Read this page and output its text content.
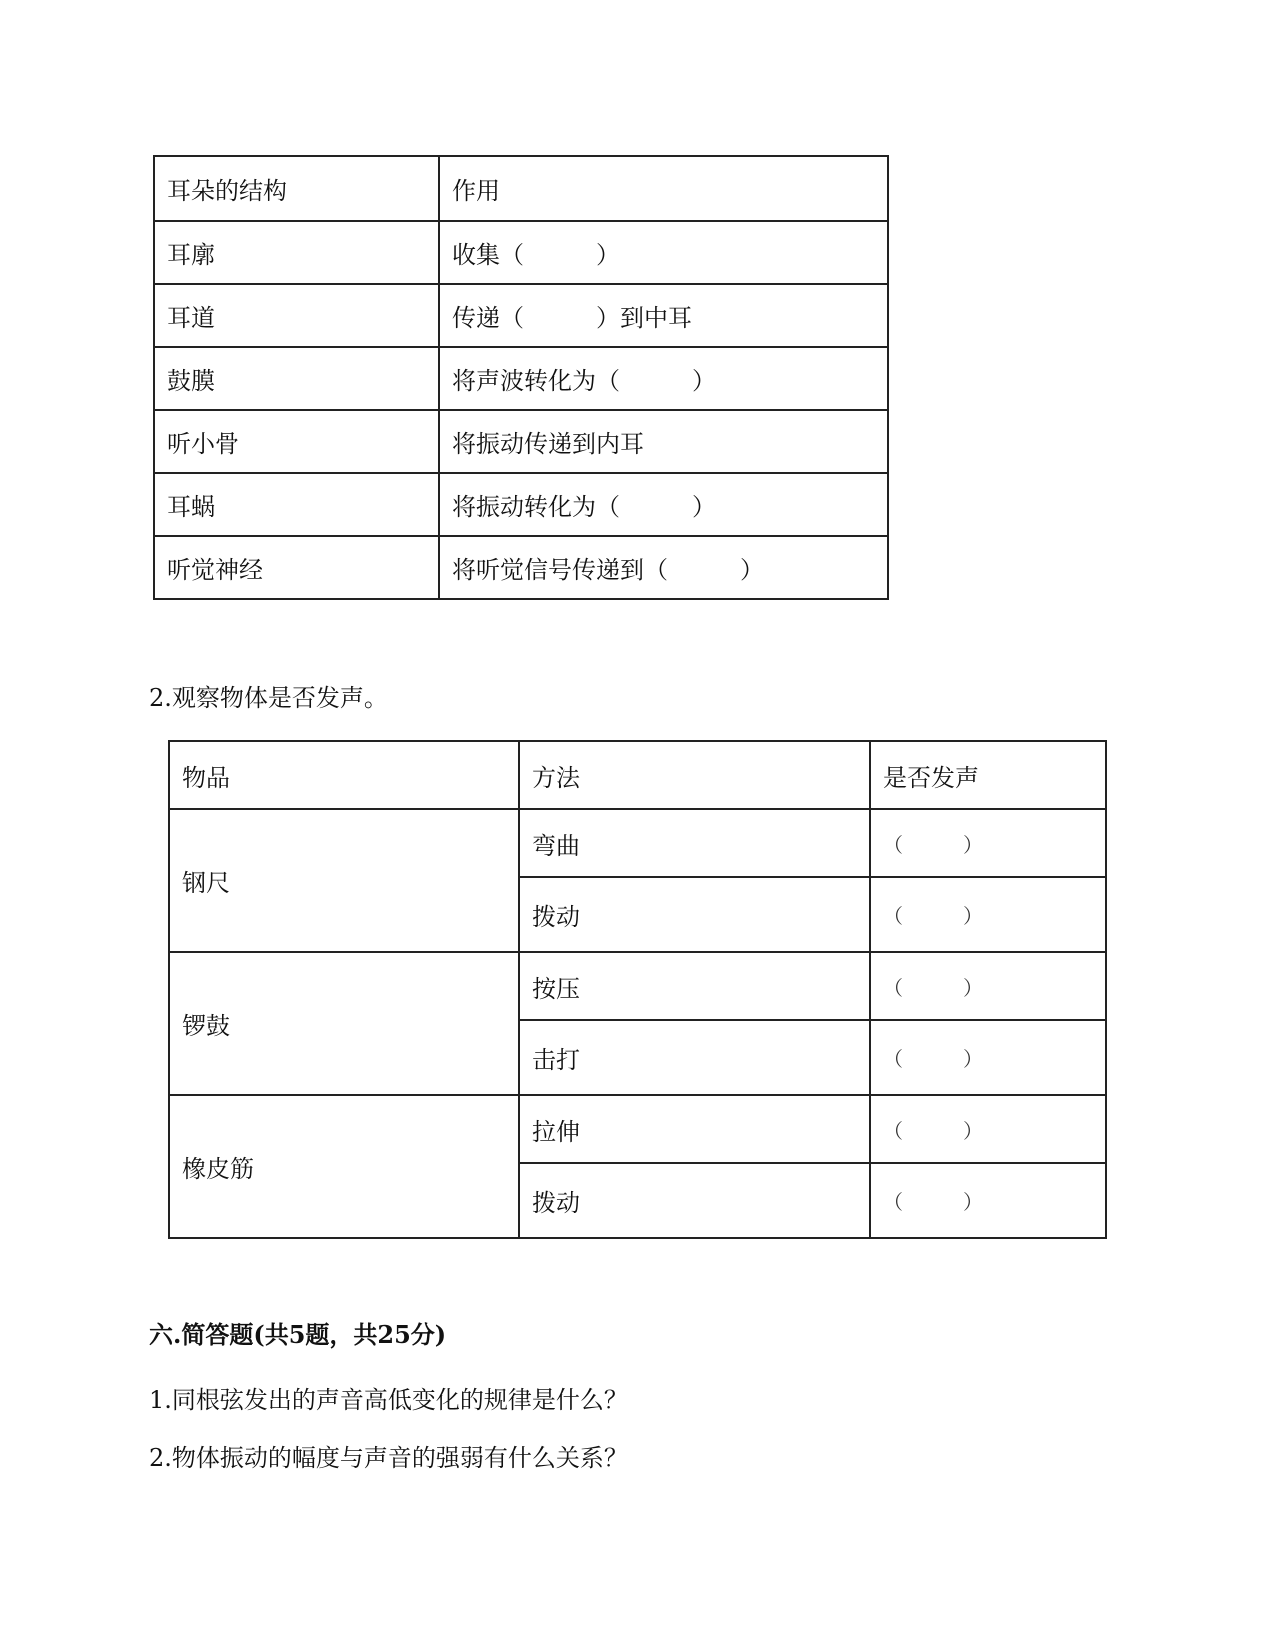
耳朵的结构	作用
耳廓	收集（　　　）
耳道	传递（　　　）到中耳
鼓膜	将声波转化为（　　　）
听小骨	将振动传递到内耳
耳蜗	将振动转化为（　　　）
听觉神经	将听觉信号传递到（　　　）
2.观察物体是否发声。
物品	方法	是否发声
钢尺	弯曲	（　　　）
	拨动	（　　　）
锣鼓	按压	（　　　）
	击打	（　　　）
橡皮筋	拉伸	（　　　）
	拨动	（　　　）
六.简答题(共5题，共25分)
1.同根弦发出的声音高低变化的规律是什么？
2.物体振动的幅度与声音的强弱有什么关系？
